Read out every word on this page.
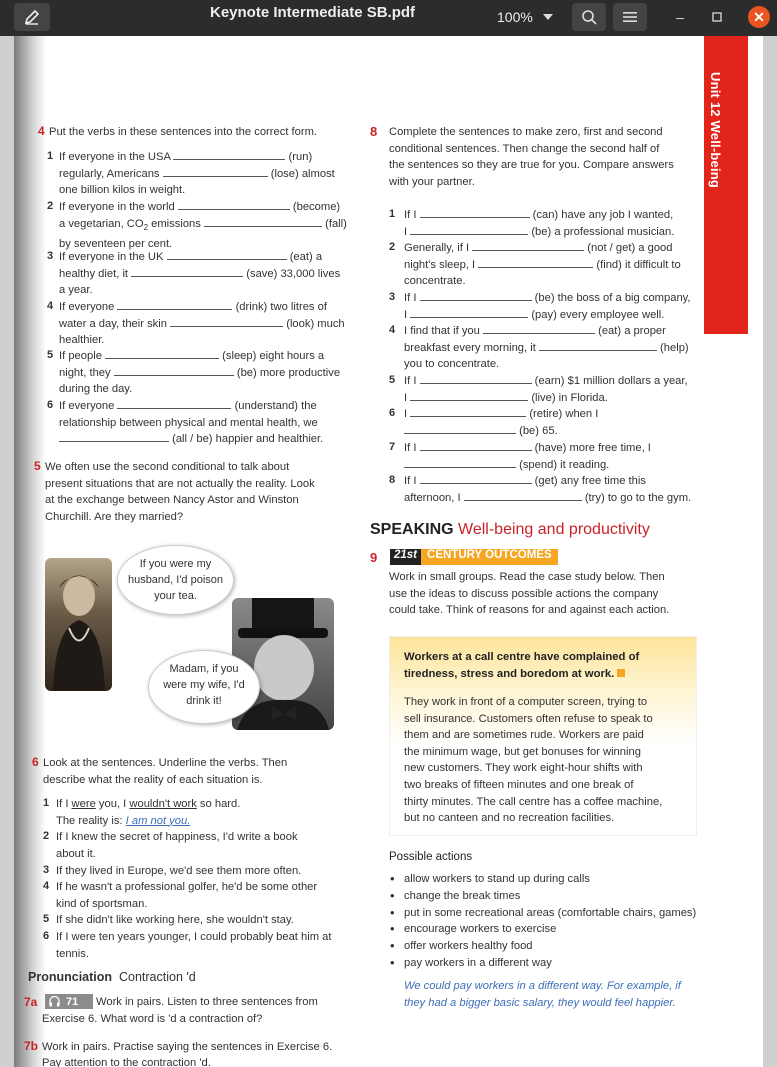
Keynote Intermediate SB.pdf	100%	–	✕
Unit 12 Well-being
4 Put the verbs in these sentences into the correct form.
1 If everyone in the USA	(run)
regularly, Americans	(lose) almost
one billion kilos in weight.
2 If everyone in the world	(become)
a vegetarian, $CO_2$ emissions	(fall)
by seventeen per cent.
3 If everyone in the UK	(eat) a
healthy diet, it	(save) 33,000 lives
a year.
4 If everyone	(drink) two litres of
water a day, their skin	(look) much
healthier.
5 If people	(sleep) eight hours a
night, they	(be) more productive
during the day.
6 If everyone	(understand) the
relationship between physical and mental health, we
(all / be) happier and healthier.
5 We often use the second conditional to talk about
present situations that are not actually the reality. Look
at the exchange between Nancy Astor and Winston
Churchill. Are they married?
If you were my
husband, I'd poison
your tea.
Madam, if you
were my wife, I'd
drink it!
6 Look at the sentences. Underline the verbs. Then
describe what the reality of each situation is.
1 If I were you, I wouldn't work so hard.
The reality is: I am not you.
2 If I knew the secret of happiness, I'd write a book
about it.
3 If they lived in Europe, we'd see them more often.
4 If he wasn't a professional golfer, he'd be some other
kind of sportsman.
5 If she didn't like working here, she wouldn't stay.
6 If I were ten years younger, I could probably beat him at
tennis.
Pronunciation Contraction 'd
7a	71 Work in pairs. Listen to three sentences from
Exercise 6. What word is 'd a contraction of?
7b Work in pairs. Practise saying the sentences in Exercise 6.
Pay attention to the contraction 'd.
8 Complete the sentences to make zero, first and second
conditional sentences. Then change the second half of
the sentences so they are true for you. Compare answers
with your partner.
1 If I	(can) have any job I wanted,
I	(be) a professional musician.
2 Generally, if I	(not / get) a good
night's sleep, I	(find) it difficult to
concentrate.
3 If I	(be) the boss of a big company,
I	(pay) every employee well.
4 I find that if you	(eat) a proper
breakfast every morning, it	(help)
you to concentrate.
5 If I	(earn) $1 million dollars a year,
I	(live) in Florida.
6 I	(retire) when I
(be) 65.
7 If I	(have) more free time, I
(spend) it reading.
8 If I	(get) any free time this
afternoon, I	(try) to go to the gym.
SPEAKING Well-being and productivity
9	21st CENTURY OUTCOMES
Work in small groups. Read the case study below. Then
use the ideas to discuss possible actions the company
could take. Think of reasons for and against each action.
Workers at a call centre have complained of
tiredness, stress and boredom at work.
They work in front of a computer screen, trying to
sell insurance. Customers often refuse to speak to
them and are sometimes rude. Workers are paid
the minimum wage, but get bonuses for winning
new customers. They work eight-hour shifts with
two breaks of fifteen minutes and one break of
thirty minutes. The call centre has a coffee machine,
but no canteen and no recreation facilities.
Possible actions
• allow workers to stand up during calls
• change the break times
• put in some recreational areas (comfortable chairs, games)
• encourage workers to exercise
• offer workers healthy food
• pay workers in a different way
We could pay workers in a different way. For example, if
they had a bigger basic salary, they would feel happier.
